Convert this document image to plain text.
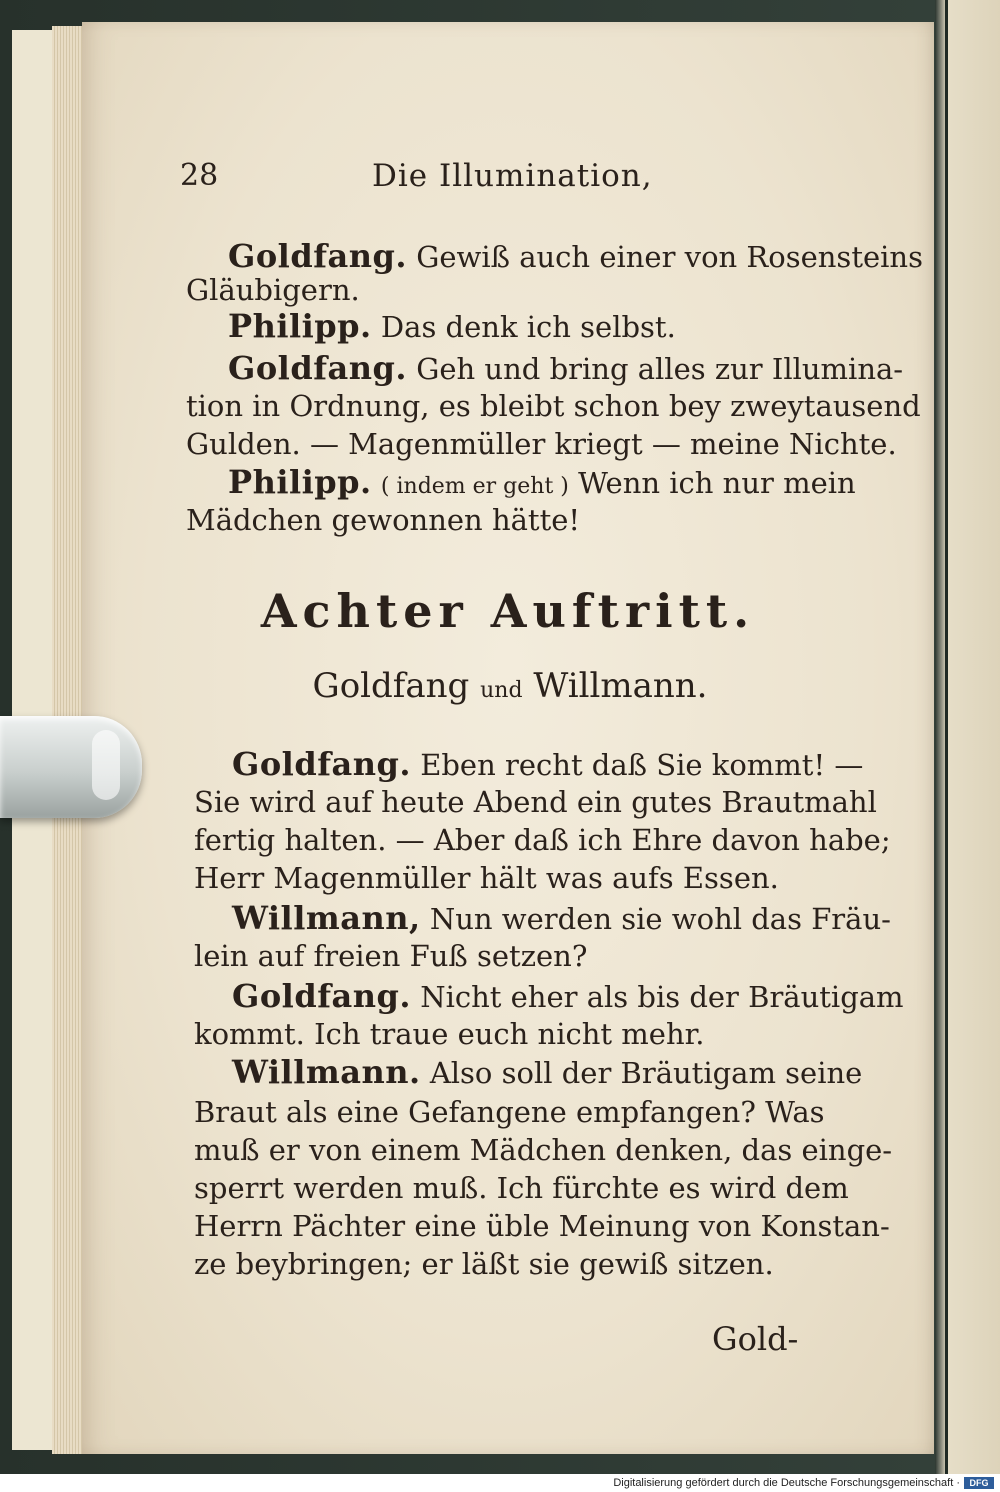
28	Die Illumination,
Goldfang. Gewiß auch einer von Rosensteins
Gläubigern.
Philipp. Das denk ich selbst.
Goldfang. Geh und bring alles zur Illumina-
tion in Ordnung, es bleibt schon bey zweytausend
Gulden. — Magenmüller kriegt — meine Nichte.
Philipp. ( indem er geht ) Wenn ich nur mein
Mädchen gewonnen hätte!
Achter Auftritt.
Goldfang und Willmann.
Goldfang. Eben recht daß Sie kommt! —
Sie wird auf heute Abend ein gutes Brautmahl
fertig halten. — Aber daß ich Ehre davon habe;
Herr Magenmüller hält was aufs Essen.
Willmann, Nun werden sie wohl das Fräu-
lein auf freien Fuß setzen?
Goldfang. Nicht eher als bis der Bräutigam
kommt. Ich traue euch nicht mehr.
Willmann. Also soll der Bräutigam seine
Braut als eine Gefangene empfangen? Was
muß er von einem Mädchen denken, das einge-
sperrt werden muß. Ich fürchte es wird dem
Herrn Pächter eine üble Meinung von Konstan-
ze beybringen; er läßt sie gewiß sitzen.
Gold-
Digitalisierung gefördert durch die Deutsche Forschungsgemeinschaft ·	DFG
